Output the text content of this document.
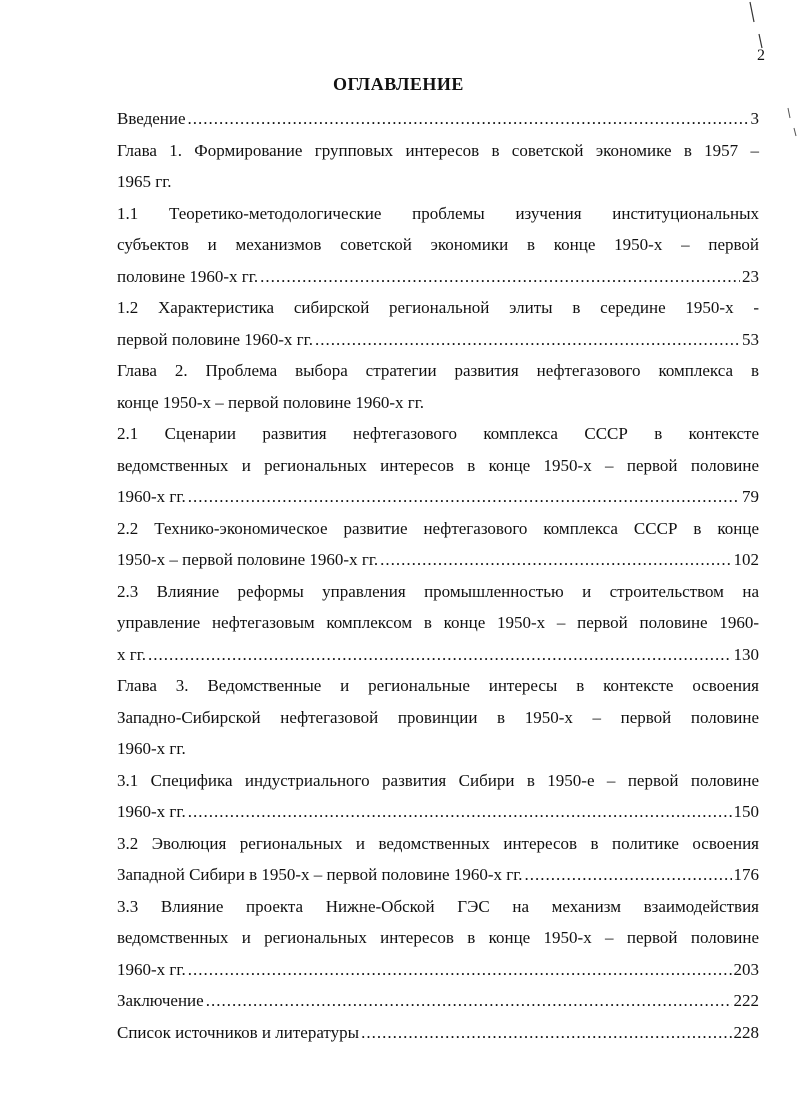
2
ОГЛАВЛЕНИЕ
Введение .....	3
Глава 1. Формирование групповых интересов в советской экономике в 1957 –
1965 гг.
1.1 Теоретико-методологические проблемы изучения институциональных
субъектов и механизмов советской экономики в конце 1950-х – первой
половине 1960-х гг. .....	23
1.2 Характеристика сибирской региональной элиты в середине 1950-х -
первой половине 1960-х гг. .....	53
Глава 2. Проблема выбора стратегии развития нефтегазового комплекса в
конце 1950-х – первой половине 1960-х гг.
2.1 Сценарии развития нефтегазового комплекса СССР в контексте
ведомственных и региональных интересов в конце 1950-х – первой половине
1960-х гг. .....	79
2.2 Технико-экономическое развитие нефтегазового комплекса СССР в конце
1950-х – первой половине 1960-х гг. .....	102
2.3 Влияние реформы управления промышленностью и строительством на
управление нефтегазовым комплексом в конце 1950-х – первой половине 1960-
х гг. .....	130
Глава 3. Ведомственные и региональные интересы в контексте освоения
Западно-Сибирской нефтегазовой провинции в 1950-х – первой половине
1960-х гг.
3.1 Специфика индустриального развития Сибири в 1950-е – первой половине
1960-х гг. .....	150
3.2 Эволюция региональных и ведомственных интересов в политике освоения
Западной Сибири в 1950-х – первой половине 1960-х гг. .....	176
3.3 Влияние проекта Нижне-Обской ГЭС на механизм взаимодействия
ведомственных и региональных интересов в конце 1950-х – первой половине
1960-х гг. .....	203
Заключение .....	222
Список источников и литературы .....	228
